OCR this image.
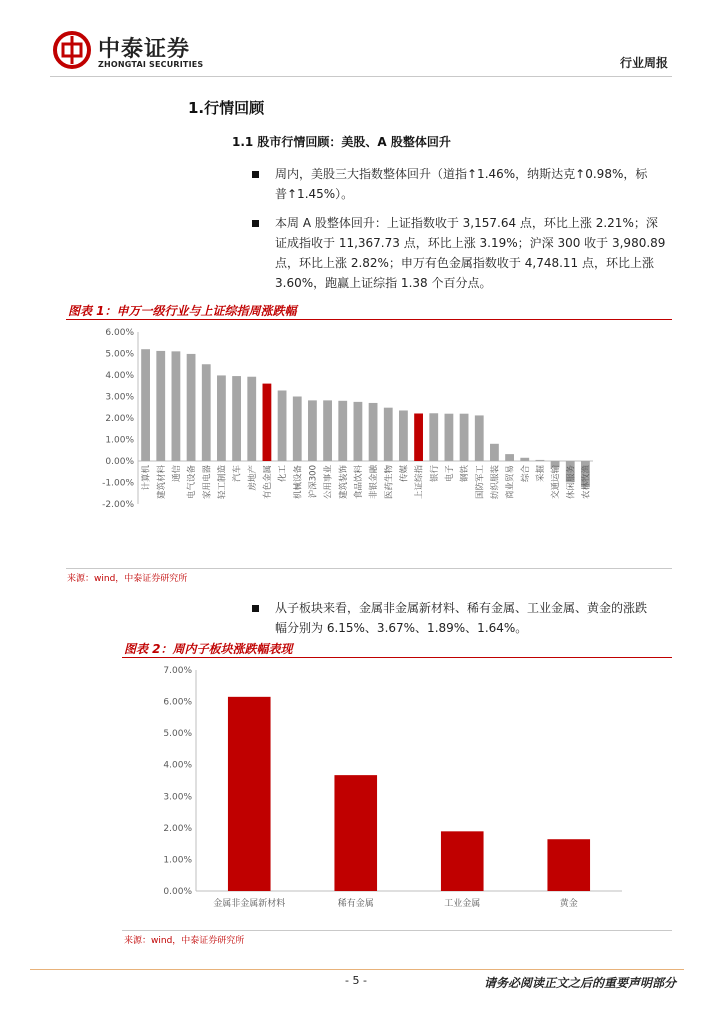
中泰证券
ZHONGTAI SECURITIES	行业周报
1.行情回顾
1.1 股市行情回顾：美股、A 股整体回升
周内，美股三大指数整体回升（道指↑1.46%，纳斯达克↑0.98%，标
普↑1.45%）。
本周 A 股整体回升：上证指数收于 3,157.64 点，环比上涨 2.21%；深
证成指收于 11,367.73 点，环比上涨 3.19%；沪深 300 收于 3,980.89
点，环比上涨 2.82%；申万有色金属指数收于 4,748.11 点，环比上涨
3.60%，跑赢上证综指 1.38 个百分点。
图表 1：申万一级行业与上证综指周涨跌幅
-2.00%
-1.00%
0.00%
1.00%
2.00%
3.00%
4.00%
5.00%
6.00%
计算机 建筑材料 通信 电气设备 家用电器 轻工制造 汽车 房地产 有色金属 化工 机械设备 沪深300 公用事业 建筑装饰 食品饮料 非银金融 医药生物 传媒 上证综指 银行 电子 钢铁 国防军工 纺织服装 商业贸易 综合 采掘 交通运输 休闲服务 农林牧渔
来源：wind，中泰证券研究所
从子板块来看，金属非金属新材料、稀有金属、工业金属、黄金的涨跌
幅分别为 6.15%、3.67%、1.89%、1.64%。
图表 2：周内子板块涨跌幅表现
0.00%
1.00%
2.00%
3.00%
4.00%
5.00%
6.00%
7.00%
金属非金属新材料	稀有金属	工业金属	黄金
来源：wind，中泰证券研究所
- 5 -	请务必阅读正文之后的重要声明部分
